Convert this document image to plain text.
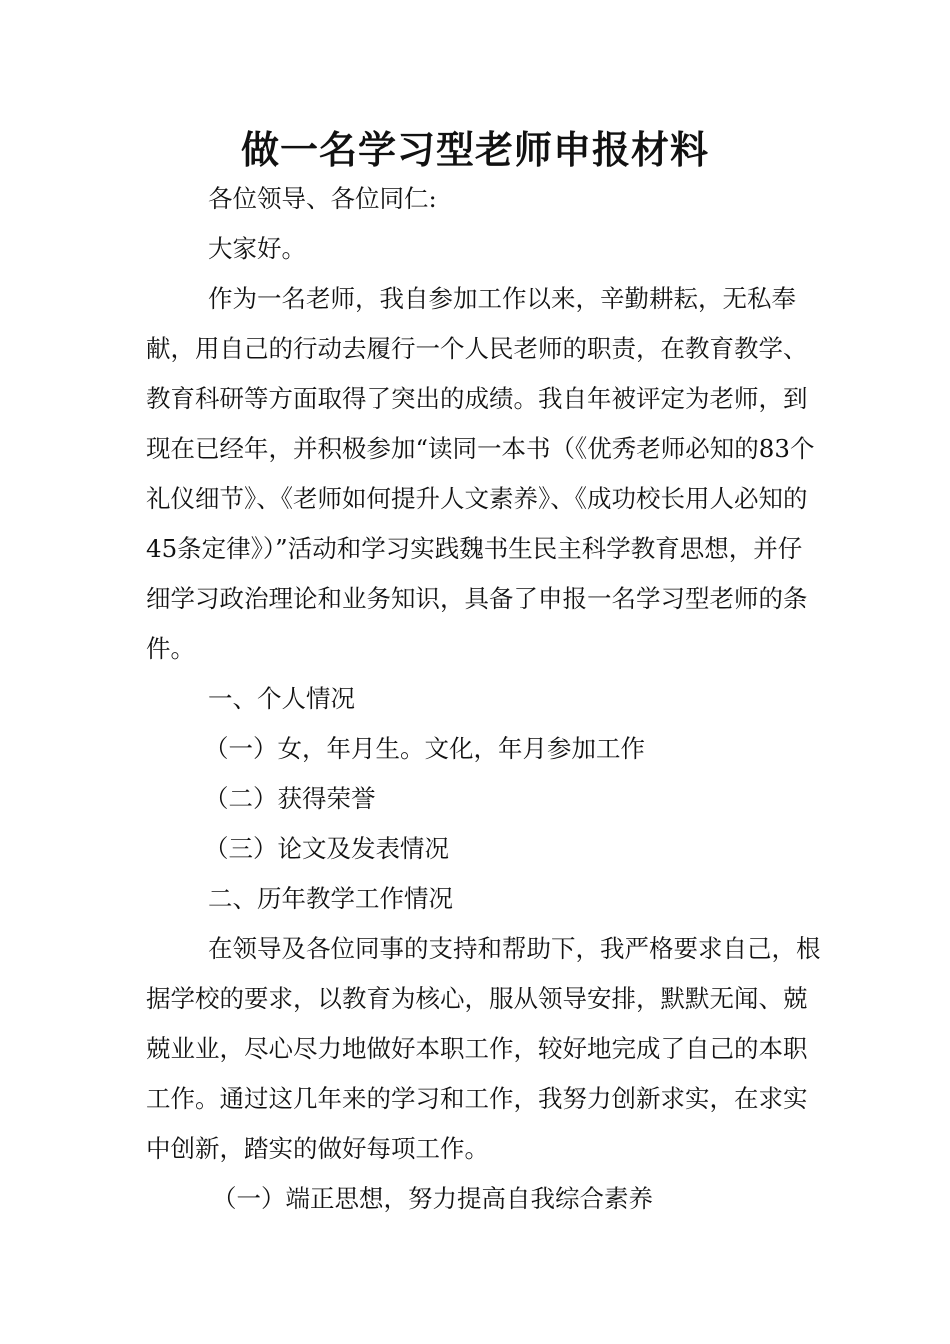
做一名学习型老师申报材料

各位领导、各位同仁:

大家好。

作为一名老师，我自参加工作以来，辛勤耕耘，无私奉献，用自己的行动去履行一个人民老师的职责，在教育教学、教育科研等方面取得了突出的成绩。我自年被评定为老师，到现在已经年，并积极参加“读同一本书（《优秀老师必知的83个礼仪细节》、《老师如何提升人文素养》、《成功校长用人必知的45条定律》）”活动和学习实践魏书生民主科学教育思想，并仔细学习政治理论和业务知识，具备了申报一名学习型老师的条件。

一、个人情况

（一）女，年月生。文化，年月参加工作

（二）获得荣誉

（三）论文及发表情况

二、历年教学工作情况

在领导及各位同事的支持和帮助下，我严格要求自己，根据学校的要求，以教育为核心，服从领导安排，默默无闻、兢兢业业，尽心尽力地做好本职工作，较好地完成了自己的本职工作。通过这几年来的学习和工作，我努力创新求实，在求实中创新，踏实的做好每项工作。

（一）端正思想，努力提高自我综合素养
